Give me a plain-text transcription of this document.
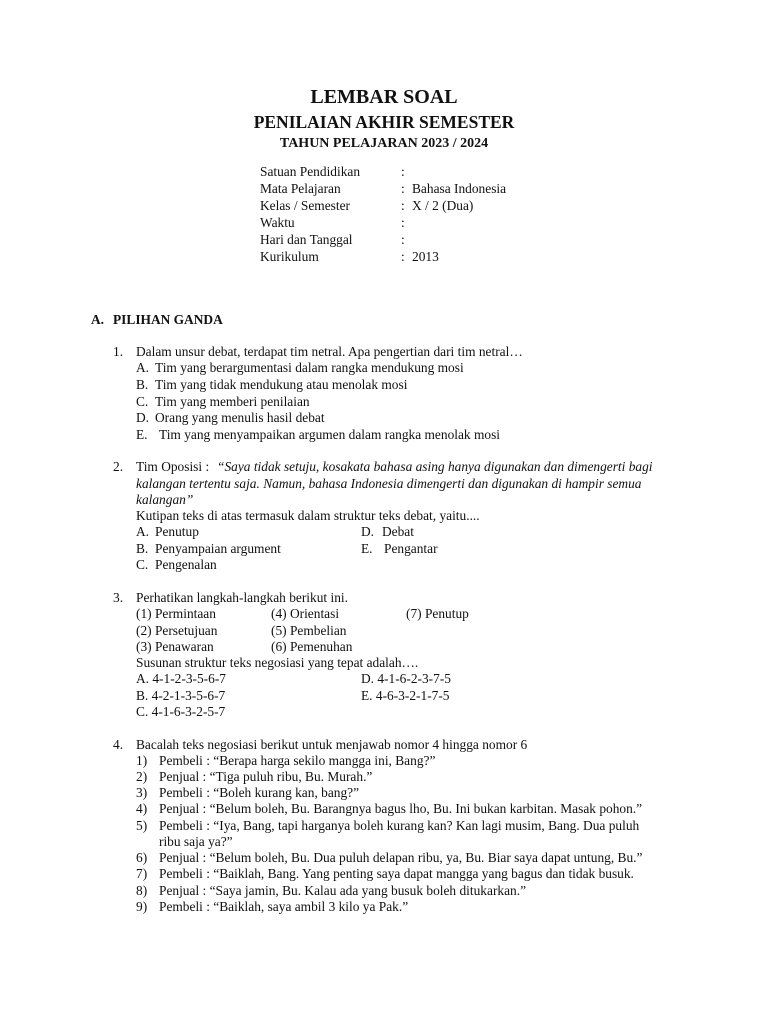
LEMBAR SOAL
PENILAIAN AKHIR SEMESTER
TAHUN PELAJARAN 2023 / 2024
Satuan Pendidikan	:
Mata Pelajaran	: Bahasa Indonesia
Kelas / Semester	: X / 2 (Dua)
Waktu	:
Hari dan Tanggal	:
Kurikulum	: 2013
A. PILIHAN GANDA
1. Dalam unsur debat, terdapat tim netral. Apa pengertian dari tim netral…
A. Tim yang berargumentasi dalam rangka mendukung mosi
B. Tim yang tidak mendukung atau menolak mosi
C. Tim yang memberi penilaian
D. Orang yang menulis hasil debat
E. Tim yang menyampaikan argumen dalam rangka menolak mosi
2. Tim Oposisi : “Saya tidak setuju, kosakata bahasa asing hanya digunakan dan dimengerti bagi
kalangan tertentu saja. Namun, bahasa Indonesia dimengerti dan digunakan di hampir semua
kalangan”
Kutipan teks di atas termasuk dalam struktur teks debat, yaitu....
A. Penutup
B. Penyampaian argument
C. Pengenalan
D. Debat
E. Pengantar
3. Perhatikan langkah-langkah berikut ini.
(1) Permintaan	(4) Orientasi	(7) Penutup
(2) Persetujuan	(5) Pembelian
(3) Penawaran	(6) Pemenuhan
Susunan struktur teks negosiasi yang tepat adalah….
A. 4-1-2-3-5-6-7
B. 4-2-1-3-5-6-7
C. 4-1-6-3-2-5-7
D. 4-1-6-2-3-7-5
E. 4-6-3-2-1-7-5
4. Bacalah teks negosiasi berikut untuk menjawab nomor 4 hingga nomor 6
1) Pembeli : “Berapa harga sekilo mangga ini, Bang?”
2) Penjual : “Tiga puluh ribu, Bu. Murah.”
3) Pembeli : “Boleh kurang kan, bang?”
4) Penjual : “Belum boleh, Bu. Barangnya bagus lho, Bu. Ini bukan karbitan. Masak pohon.”
5) Pembeli : “Iya, Bang, tapi harganya boleh kurang kan? Kan lagi musim, Bang. Dua puluh
ribu saja ya?”
6) Penjual : “Belum boleh, Bu. Dua puluh delapan ribu, ya, Bu. Biar saya dapat untung, Bu.”
7) Pembeli : “Baiklah, Bang. Yang penting saya dapat mangga yang bagus dan tidak busuk.
8) Penjual : “Saya jamin, Bu. Kalau ada yang busuk boleh ditukarkan.”
9) Pembeli : “Baiklah, saya ambil 3 kilo ya Pak.”
